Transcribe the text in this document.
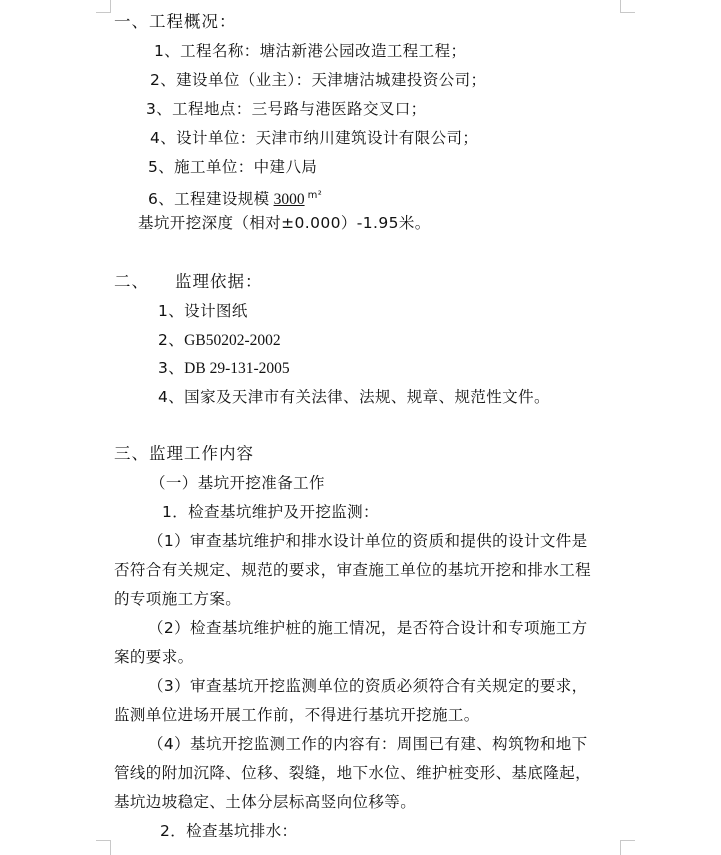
一、工程概况：
1、工程名称：塘沽新港公园改造工程工程；
2、建设单位（业主）：天津塘沽城建投资公司；
3、工程地点：三号路与港医路交叉口；
4、设计单位：天津市纳川建筑设计有限公司；
5、施工单位：中建八局
6、工程建设规模 3000 $^{m^2}$
基坑开挖深度（相对±0.000）-1.95米。
二、 监理依据：
1、设计图纸
2、GB50202-2002
3、DB 29-131-2005
4、国家及天津市有关法律、法规、规章、规范性文件。
三、监理工作内容
（一）基坑开挖准备工作
1．检查基坑维护及开挖监测：
（1）审查基坑维护和排水设计单位的资质和提供的设计文件是
否符合有关规定、规范的要求，审查施工单位的基坑开挖和排水工程
的专项施工方案。
（2）检查基坑维护桩的施工情况，是否符合设计和专项施工方
案的要求。
（3）审查基坑开挖监测单位的资质必须符合有关规定的要求，
监测单位进场开展工作前，不得进行基坑开挖施工。
（4）基坑开挖监测工作的内容有：周围已有建、构筑物和地下
管线的附加沉降、位移、裂缝，地下水位、维护桩变形、基底隆起，
基坑边坡稳定、土体分层标高竖向位移等。
2．检查基坑排水：
